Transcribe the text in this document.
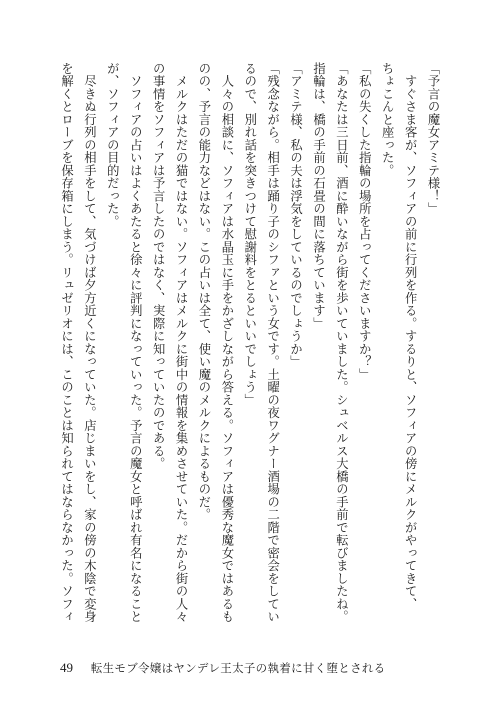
「予言の魔女アミテ様！」
　すぐさま客が、ソフィアの前に行列を作る。するりと、ソフィアの傍にメルクがやってきて、
ちょこんと座った。
「私の失くした指輪の場所を占ってくださいますか？」
「あなたは三日前、酒に酔いながら街を歩いていました。シュベルス大橋の手前で転びましたね。
指輪は、橋の手前の石畳の間に落ちています」
「アミテ様、私の夫は浮気をしているのでしょうか」
「残念ながら。相手は踊り子のシファという女です。土曜の夜ワグナー酒場の二階で密会をしてい
るので、別れ話を突きつけて慰謝料をとるといいでしょう」
　人々の相談に、ソフィアは水晶玉に手をかざしながら答える。ソフィアは優秀な魔女ではあるも
のの、予言の能力などはない。この占いは全て、使い魔のメルクによるものだ。
　メルクはただの猫ではない。ソフィアはメルクに街中の情報を集めさせていた。だから街の人々
の事情をソフィアは予言したのではなく、実際に知っていたのである。
　ソフィアの占いはよくあたると徐々に評判になっていった。予言の魔女と呼ばれ有名になること
が、ソフィアの目的だった。
　尽きぬ行列の相手をして、気づけば夕方近くになっていた。店じまいをし、家の傍の木陰で変身
を解くとローブを保存箱にしまう。リュゼリオには、このことは知られてはならなかった。ソフィ
49 転生モブ令嬢はヤンデレ王太子の執着に甘く堕とされる
